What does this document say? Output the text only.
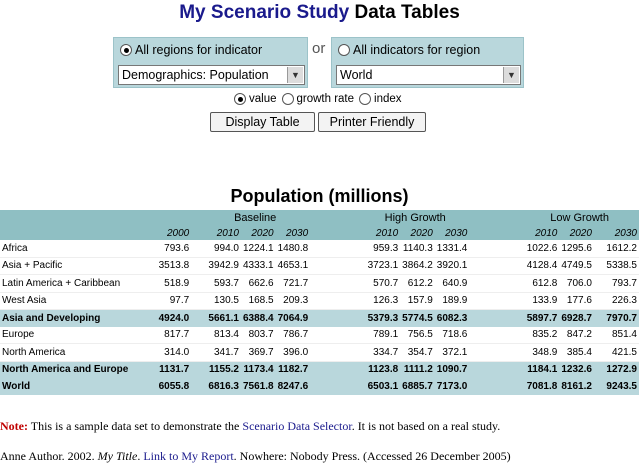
My Scenario Study Data Tables
All regions for indicator
Demographics: Population	▼
or All indicators for region
World	▼
value growth rate index
Display Table	Printer Friendly
Population (millions)
			Baseline				High Growth				Low Growth		
	2000		2010	2020	2030		2010	2020	2030		2010	2020	2030
Africa	793.6		994.0	1224.1	1480.8		959.3	1140.3	1331.4		1022.6	1295.6	1612.2
Asia + Pacific	3513.8		3942.9	4333.1	4653.1		3723.1	3864.2	3920.1		4128.4	4749.5	5338.5
Latin America + Caribbean	518.9		593.7	662.6	721.7		570.7	612.2	640.9		612.8	706.0	793.7
West Asia	97.7		130.5	168.5	209.3		126.3	157.9	189.9		133.9	177.6	226.3
Asia and Developing	4924.0		5661.1	6388.4	7064.9		5379.3	5774.5	6082.3		5897.7	6928.7	7970.7
Europe	817.7		813.4	803.7	786.7		789.1	756.5	718.6		835.2	847.2	851.4
North America	314.0		341.7	369.7	396.0		334.7	354.7	372.1		348.9	385.4	421.5
North America and Europe	1131.7		1155.2	1173.4	1182.7		1123.8	1111.2	1090.7		1184.1	1232.6	1272.9
World	6055.8		6816.3	7561.8	8247.6		6503.1	6885.7	7173.0		7081.8	8161.2	9243.5
Note: This is a sample data set to demonstrate the Scenario Data Selector. It is not based on a real study.
Anne Author. 2002. My Title. Link to My Report. Nowhere: Nobody Press. (Accessed 26 December 2005)
